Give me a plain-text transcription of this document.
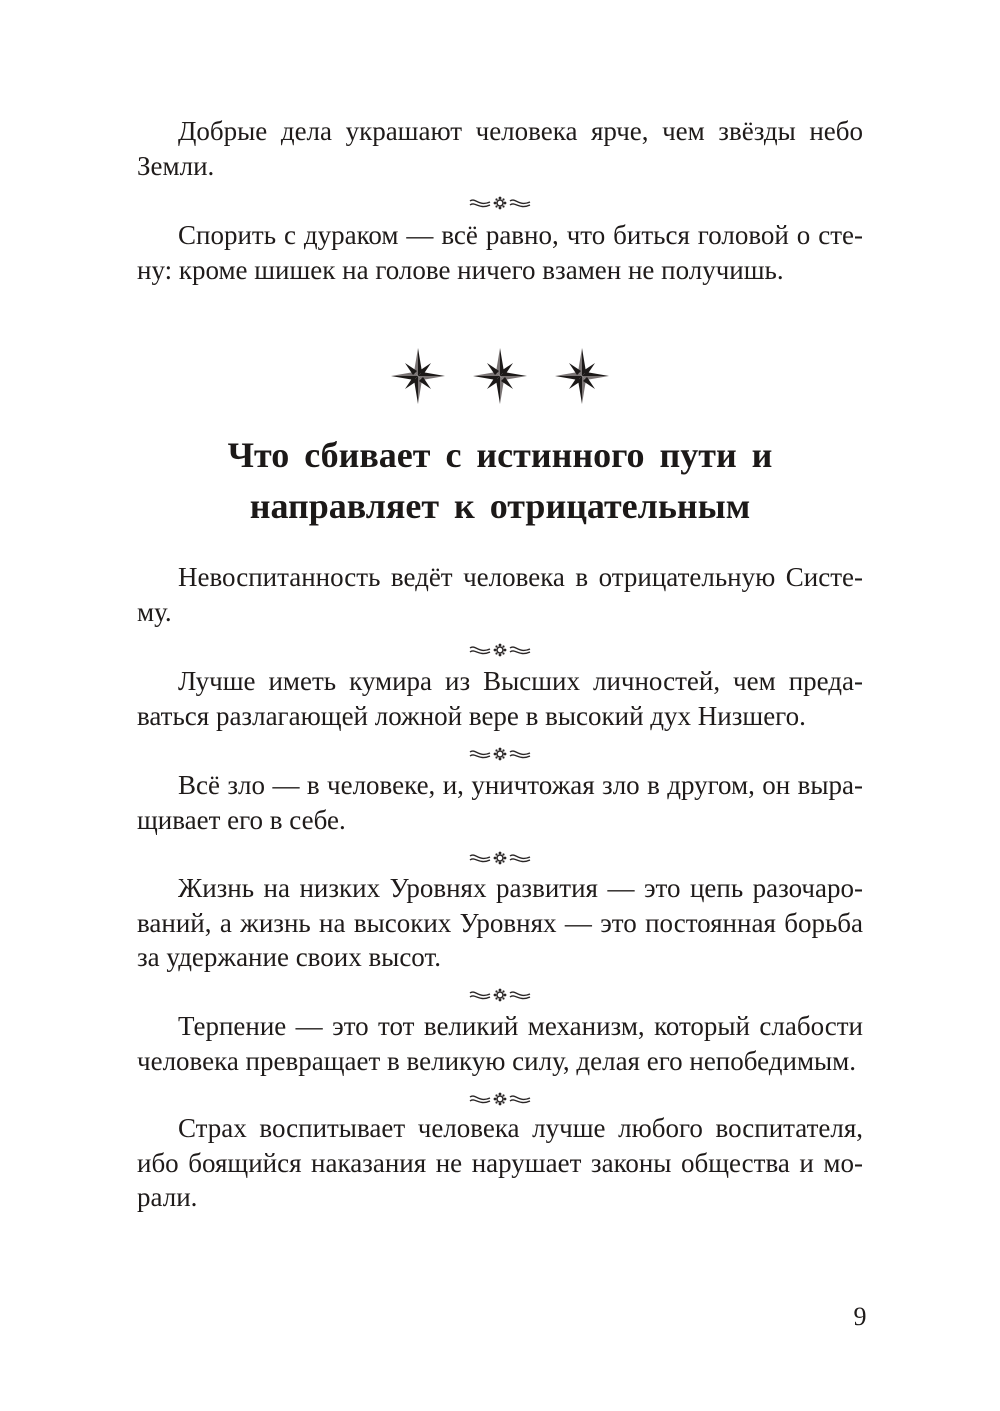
Добрые дела украшают человека ярче, чем звёзды небо
Земли.

Спорить с дураком — всё равно, что биться головой о сте-
ну: кроме шишек на голове ничего взамен не получишь.

Что сбивает с истинного пути и
направляет к отрицательным

Невоспитанность ведёт человека в отрицательную Систе-
му.

Лучше иметь кумира из Высших личностей, чем преда-
ваться разлагающей ложной вере в высокий дух Низшего.

Всё зло — в человеке, и, уничтожая зло в другом, он выра-
щивает его в себе.

Жизнь на низких Уровнях развития — это цепь разочаро-
ваний, а жизнь на высоких Уровнях — это постоянная борьба
за удержание своих высот.

Терпение — это тот великий механизм, который слабости
человека превращает в великую силу, делая его непобедимым.

Страх воспитывает человека лучше любого воспитателя,
ибо боящийся наказания не нарушает законы общества и мо-
рали.

9
